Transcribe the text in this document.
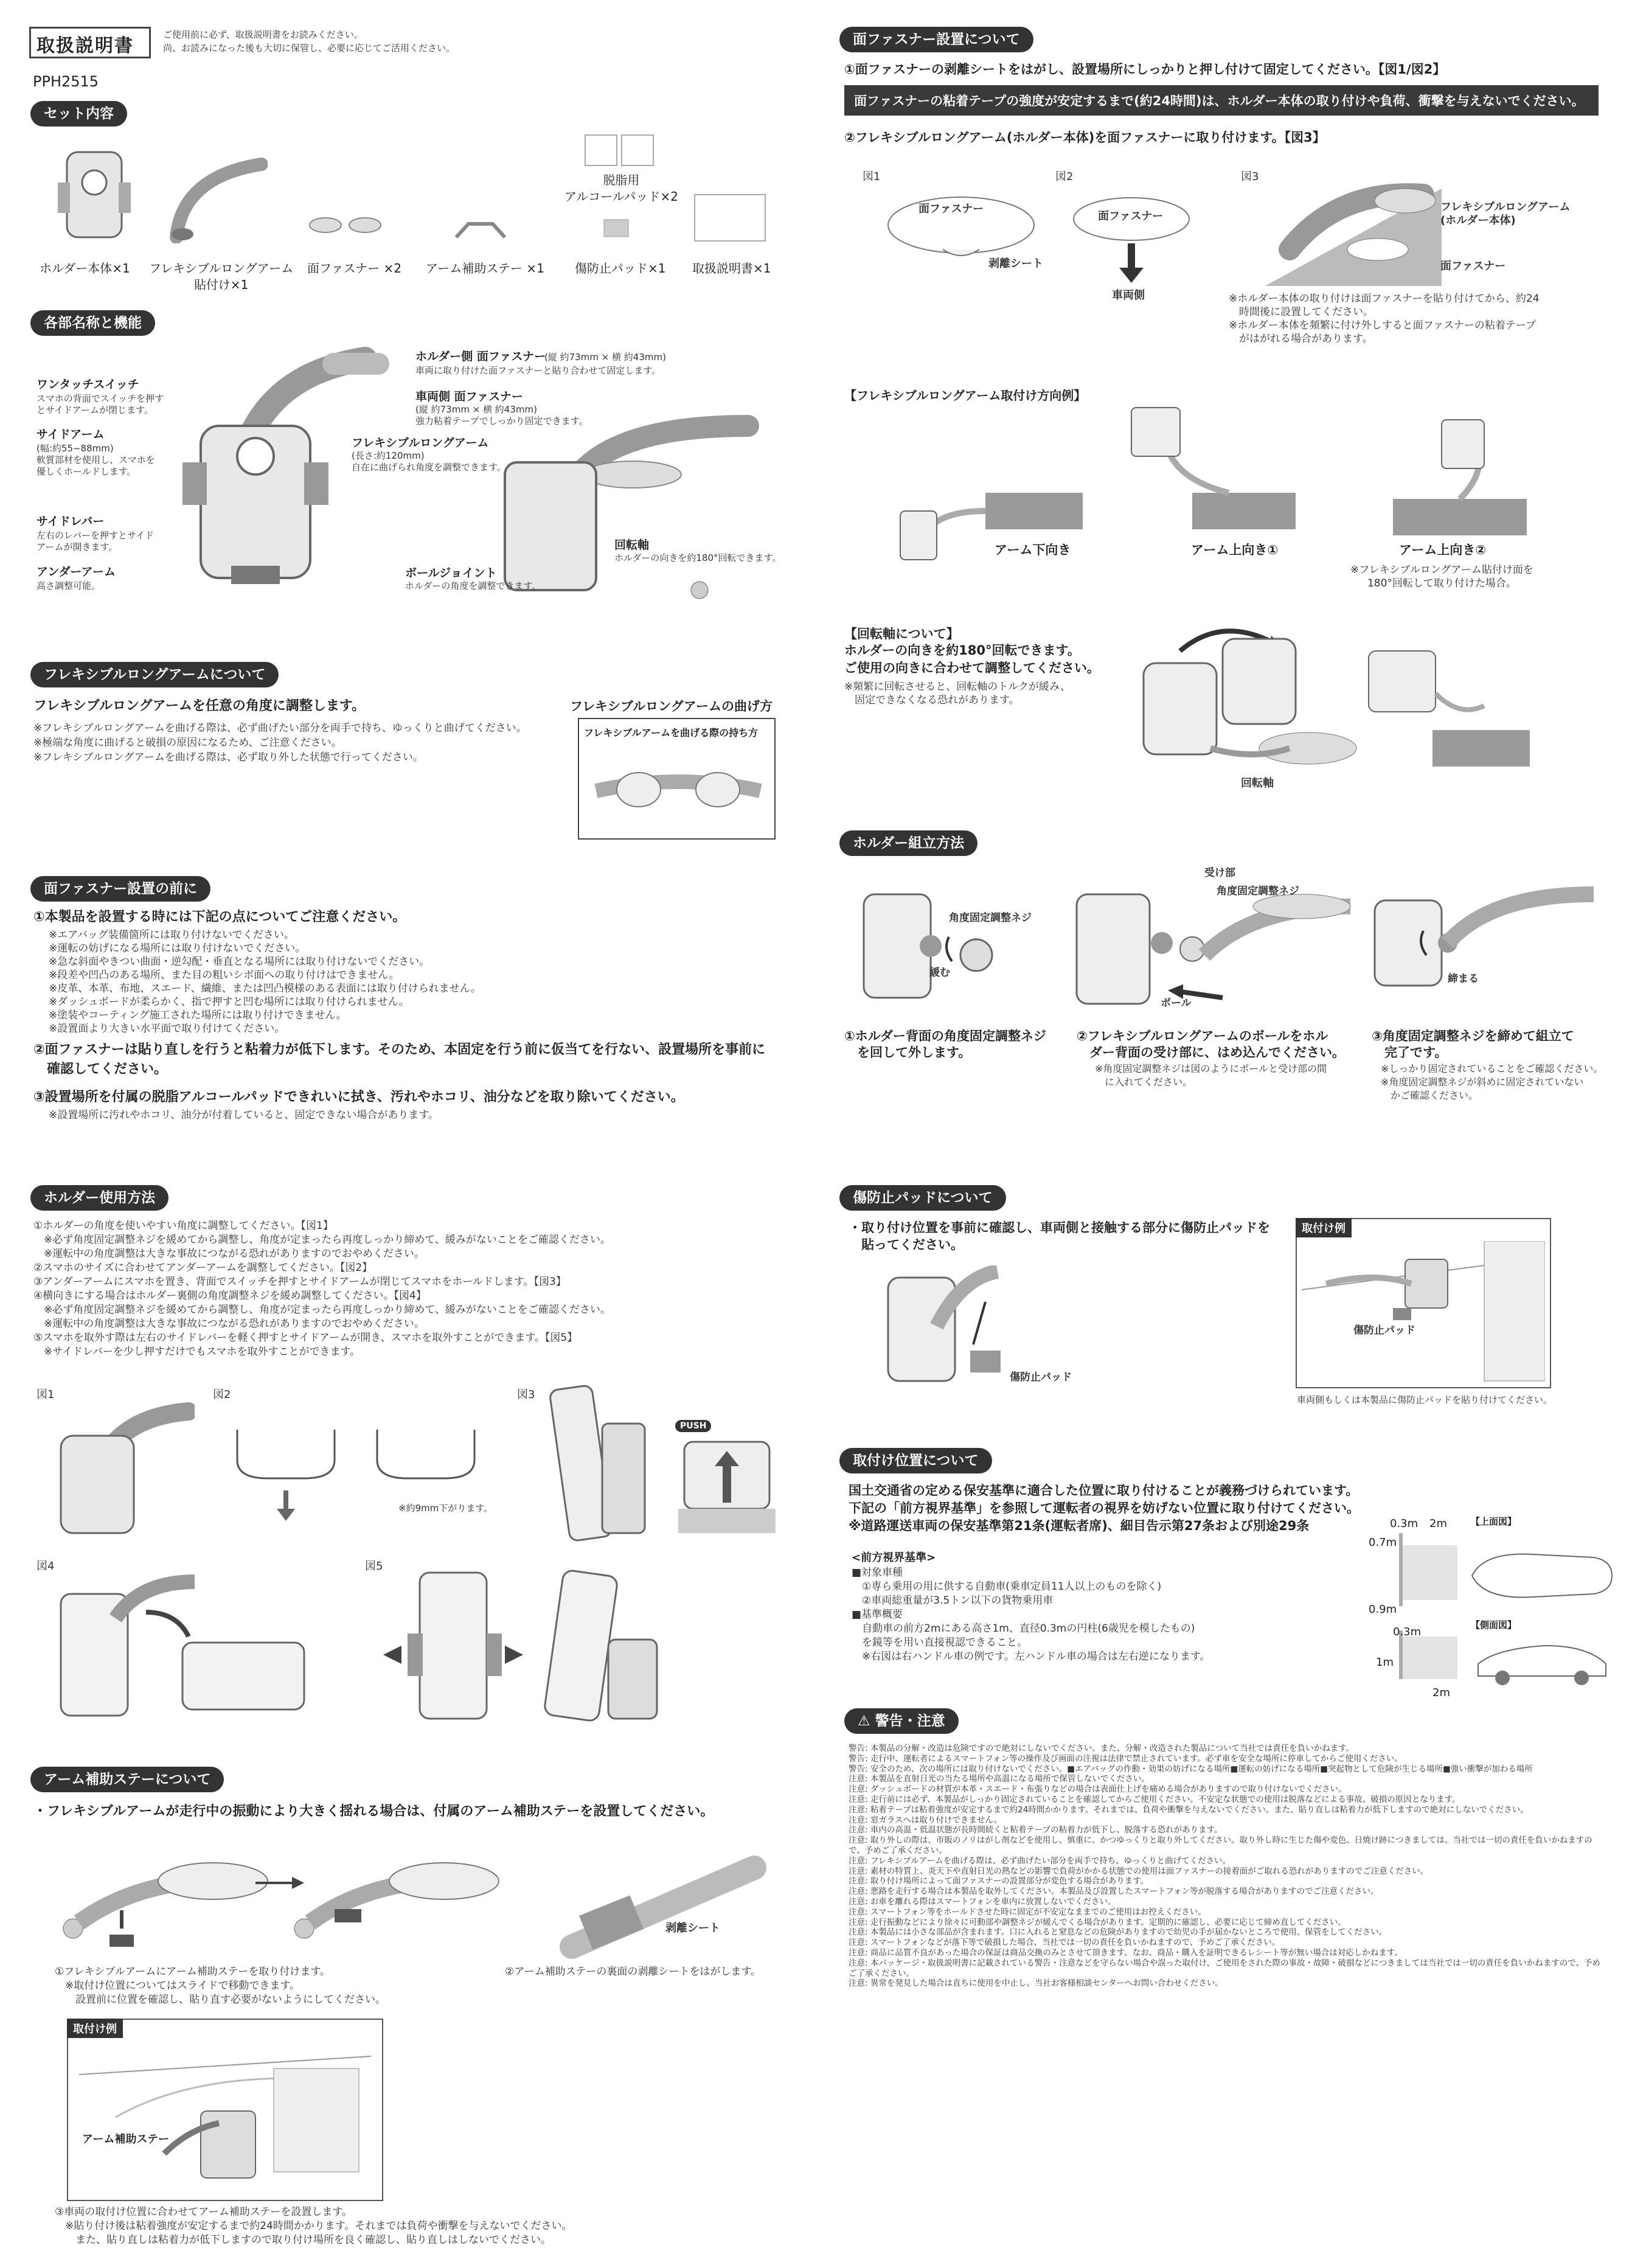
取扱説明書
ご使用前に必ず、取扱説明書をお読みください。
尚、お読みになった後も大切に保管し、必要に応じてご活用ください。
PPH2515
セット内容
ホルダー本体×1 フレキシブルロングアーム
貼付け×1
面ファスナー ×2 アーム補助ステー ×1	傷防止パッド×1 取扱説明書×1
脱脂用
アルコールパッド×2
各部名称と機能
ワンタッチスイッチ
スマホの背面でスイッチを押す
とサイドアームが閉じます。
サイドアーム
(幅:約55~88mm)
軟質部材を使用し、スマホを
優しくホールドします。
サイドレバー
左右のレバーを押すとサイド
アームが開きます。
アンダーアーム
高さ調整可能。
ホルダー側 面ファスナー
(縦 約73mm × 横 約43mm)
車両に取り付けた面ファスナーと貼り合わせて固定します。
車両側 面ファスナー
(縦 約73mm × 横 約43mm)
強力粘着テープでしっかり固定できます。
フレキシブルロングアーム
(長さ:約120mm)
自在に曲げられ角度を調整できます。
ボールジョイント
ホルダーの角度を調整できます。
回転軸
ホルダーの向きを約180°回転できます。
フレキシブルロングアームについて
フレキシブルロングアームを任意の角度に調整します。
※フレキシブルロングアームを曲げる際は、必ず曲げたい部分を両手で持ち、ゆっくりと曲げてください。
※極端な角度に曲げると破損の原因になるため、ご注意ください。
※フレキシブルロングアームを曲げる際は、必ず取り外した状態で行ってください。
フレキシブルロングアームの曲げ方
フレキシブルアームを曲げる際の持ち方
面ファスナー設置の前に
①本製品を設置する時には下記の点についてご注意ください。
※エアバッグ装備箇所には取り付けないでください。
※運転の妨げになる場所には取り付けないでください。
※急な斜面やきつい曲面・逆勾配・垂直となる場所には取り付けないでください。
※段差や凹凸のある場所、また目の粗いシボ面への取り付けはできません。
※皮革、本革、布地、スエード、繊維、または凹凸模様のある表面には取り付けられません。
※ダッシュボードが柔らかく、指で押すと凹む場所には取り付けられません。
※塗装やコーティング施工された場所には取り付けできません。
※設置面より大きい水平面で取り付けてください。
②面ファスナーは貼り直しを行うと粘着力が低下します。そのため、本固定を行う前に仮当てを行ない、設置場所を事前に
　確認してください。
③設置場所を付属の脱脂アルコールパッドできれいに拭き、汚れやホコリ、油分などを取り除いてください。
※設置場所に汚れやホコリ、油分が付着していると、固定できない場合があります。
ホルダー使用方法
①ホルダーの角度を使いやすい角度に調整してください。【図1】
　※必ず角度固定調整ネジを緩めてから調整し、角度が定まったら再度しっかり締めて、緩みがないことをご確認ください。
　※運転中の角度調整は大きな事故につながる恐れがありますのでおやめください。
②スマホのサイズに合わせてアンダーアームを調整してください。【図2】
③アンダーアームにスマホを置き、背面でスイッチを押すとサイドアームが閉じてスマホをホールドします。【図3】
④横向きにする場合はホルダー裏側の角度調整ネジを緩め調整してください。【図4】
　※必ず角度固定調整ネジを緩めてから調整し、角度が定まったら再度しっかり締めて、緩みがないことをご確認ください。
　※運転中の角度調整は大きな事故につながる恐れがありますのでおやめください。
⑤スマホを取外す際は左右のサイドレバーを軽く押すとサイドアームが開き、スマホを取外すことができます。【図5】
　※サイドレバーを少し押すだけでもスマホを取外すことができます。
図1	図2	図3
図4	図5
※約9mm下がります。
PUSH
アーム補助ステーについて
・フレキシブルアームが走行中の振動により大きく揺れる場合は、付属のアーム補助ステーを設置してください。
剥離シート
①フレキシブルアームにアーム補助ステーを取り付けます。
　※取付け位置についてはスライドで移動できます。
　　設置前に位置を確認し、貼り直す必要がないようにしてください。
②アーム補助ステーの裏面の剥離シートをはがします。
取付け例
アーム補助ステー
③車両の取付け位置に合わせてアーム補助ステーを設置します。
　※貼り付け後は粘着強度が安定するまで約24時間かかります。それまでは負荷や衝撃を与えないでください。
　　また、貼り直しは粘着力が低下しますので取り付け場所を良く確認し、貼り直しはしないでください。
面ファスナー設置について
①面ファスナーの剥離シートをはがし、設置場所にしっかりと押し付けて固定してください。【図1/図2】
面ファスナーの粘着テープの強度が安定するまで(約24時間)は、ホルダー本体の取り付けや負荷、衝撃を与えないでください。
②フレキシブルロングアーム(ホルダー本体)を面ファスナーに取り付けます。【図3】
図1	図2	図3
面ファスナー
剥離シート
面ファスナー
車両側
フレキシブルロングアーム
(ホルダー本体)
面ファスナー
※ホルダー本体の取り付けは面ファスナーを貼り付けてから、約24
　時間後に設置してください。
※ホルダー本体を頻繁に付け外しすると面ファスナーの粘着テープ
　がはがれる場合があります。
【フレキシブルロングアーム取付け方向例】
アーム下向き	アーム上向き①	アーム上向き②
※フレキシブルロングアーム貼付け面を
180°回転して取り付けた場合。
【回転軸について】
ホルダーの向きを約180°回転できます。
ご使用の向きに合わせて調整してください。
※頻繁に回転させると、回転軸のトルクが緩み、
　固定できなくなる恐れがあります。
回転軸
ホルダー組立方法
角度固定調整ネジ
緩む
受け部
角度固定調整ネジ
ボール
締まる
①ホルダー背面の角度固定調整ネジ
　を回して外します。
②フレキシブルロングアームのボールをホル
　ダー背面の受け部に、はめ込んでください。
※角度固定調整ネジは図のようにボールと受け部の間
　に入れてください。
③角度固定調整ネジを締めて組立て
　完了です。
※しっかり固定されていることをご確認ください。
※角度固定調整ネジが斜めに固定されていない
　かご確認ください。
傷防止パッドについて
・取り付け位置を事前に確認し、車両側と接触する部分に傷防止パッドを
　貼ってください。
傷防止パッド
取付け例
傷防止パッド
車両側もしくは本製品に傷防止パッドを貼り付けてください。
取付け位置について
国土交通省の定める保安基準に適合した位置に取り付けることが義務づけられています。
下記の「前方視界基準」を参照して運転者の視界を妨げない位置に取り付けてください。
※道路運送車両の保安基準第21条(運転者席)、細目告示第27条および別途29条
<前方視界基準>
■対象車種
　①専ら乗用の用に供する自動車(乗車定員11人以上のものを除く)
　②車両総重量が3.5トン以下の貨物乗用車
■基準概要
　自動車の前方2mにある高さ1m、直径0.3mの円柱(6歳児を模したもの)
　を鏡等を用い直接視認できること。
　※右図は右ハンドル車の例です。左ハンドル車の場合は左右逆になります。
【上面図】
【側面図】
0.3m 2m
0.7m
0.9m
0.3m
1m
2m
⚠ 警告・注意
警告: 本製品の分解・改造は危険ですので絶対にしないでください。また、分解・改造された製品について当社では責任を負いかねます。
警告: 走行中、運転者によるスマートフォン等の操作及び画面の注視は法律で禁止されています。必ず車を安全な場所に停車してからご使用ください。
警告: 安全のため、次の場所には取り付けないでください。■エアバッグの作動・効果の妨げになる場所■運転の妨げになる場所■突起物として危険が生じる場所■強い衝撃が加わる場所
注意: 本製品を直射日光の当たる場所や高温になる場所で保管しないでください。
注意: ダッシュボードの材質が本革・スエード・布張りなどの場合は表面仕上げを痛める場合がありますので取り付けないでください。
注意: 走行前には必ず、本製品がしっかり固定されていることを確認してからご使用ください。不安定な状態での使用は脱落などによる事故、破損の原因となります。
注意: 粘着テープは粘着強度が安定するまで約24時間かかります。それまでは、負荷や衝撃を与えないでください。また、貼り直しは粘着力が低下しますので絶対にしないでください。
注意: 窓ガラスへは取り付けできません。
注意: 車内の高温・低温状態が長時間続くと粘着テープの粘着力が低下し、脱落する恐れがあります。
注意: 取り外しの際は、市販のノリはがし剤などを使用し、慎重に、かつゆっくりと取り外してください。取り外し時に生じた傷や変色、日焼け跡につきましては、当社では一切の責任を負いかねますので、予めご了承ください。
注意: フレキシブルアームを曲げる際は、必ず曲げたい部分を両手で持ち、ゆっくりと曲げてください。
注意: 素材の特質上、炎天下や直射日光の熱などの影響で負荷がかかる状態での使用は面ファスナーの接着面がご取れる恐れがありますのでご注意ください。
注意: 取り付け場所によって面ファスナーの設置部分が変色する場合があります。
注意: 悪路を走行する場合は本製品を取外してください。本製品及び設置したスマートフォン等が脱落する場合がありますのでご注意ください。
注意: お車を離れる際はスマートフォンを車内に放置しないでください。
注意: スマートフォン等をホールドさせた時に固定が不安定なままでのご使用はお控えください。
注意: 走行振動などにより徐々に可動部や調整ネジが緩んでくる場合があります。定期的に確認し、必要に応じて締め直してください。
注意: 本製品には小さな部品が含まれます。口に入れると窒息などの危険がありますので幼児の手が届かないところで使用、保管をしてください。
注意: スマートフォンなどが落下等で破損した場合、当社では一切の責任を負いかねますので、予めご了承ください。
注意: 商品に品質不良があった場合の保証は商品交換のみとさせて頂きます。なお、商品・購入を証明できるレシート等が無い場合は対応しかねます。
注意: 本パッケージ・取扱説明書に記載されている警告・注意などを守らない場合や誤った取付け、ご使用をされた際の事故・故障・破損などにつきましては当社では一切の責任を負いかねますので、予めご了承ください。
注意: 異常を発見した場合は直ちに使用を中止し、当社お客様相談センターへお問い合わせください。
